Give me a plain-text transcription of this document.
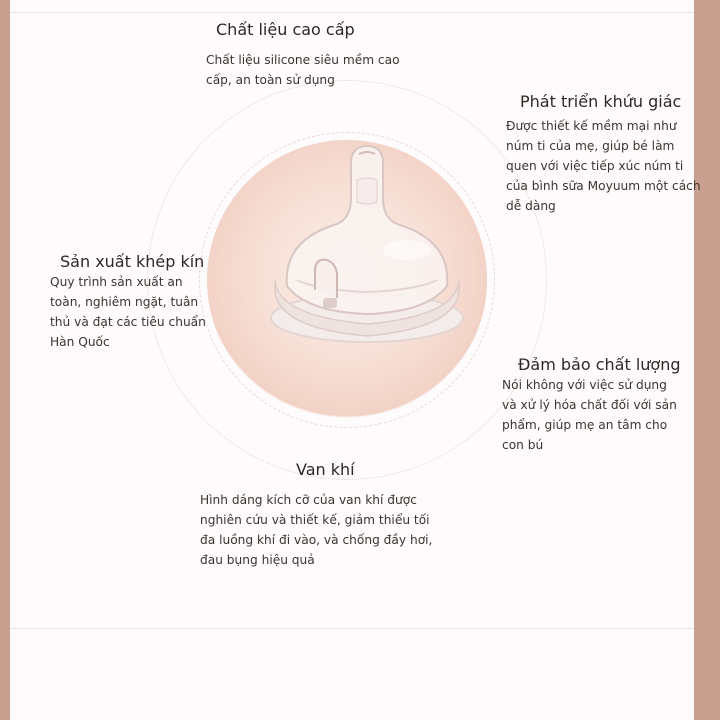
Chất liệu cao cấp

Chất liệu silicone siêu mềm cao cấp, an toàn sử dụng

Phát triển khứu giác

Được thiết kế mềm mại như núm ti của mẹ, giúp bé làm quen với việc tiếp xúc núm ti của bình sữa Moyuum một cách dễ dàng

Sản xuất khép kín

Quy trình sản xuất an toàn, nghiêm ngặt, tuân thủ và đạt các tiêu chuẩn Hàn Quốc

Đảm bảo chất lượng

Nói không với việc sử dụng và xử lý hóa chất đối với sản phẩm, giúp mẹ an tâm cho con bú

Van khí

Hình dáng kích cỡ của van khí được nghiên cứu và thiết kế, giảm thiểu tối đa luồng khí đi vào, và chống đầy hơi, đau bụng hiệu quả
